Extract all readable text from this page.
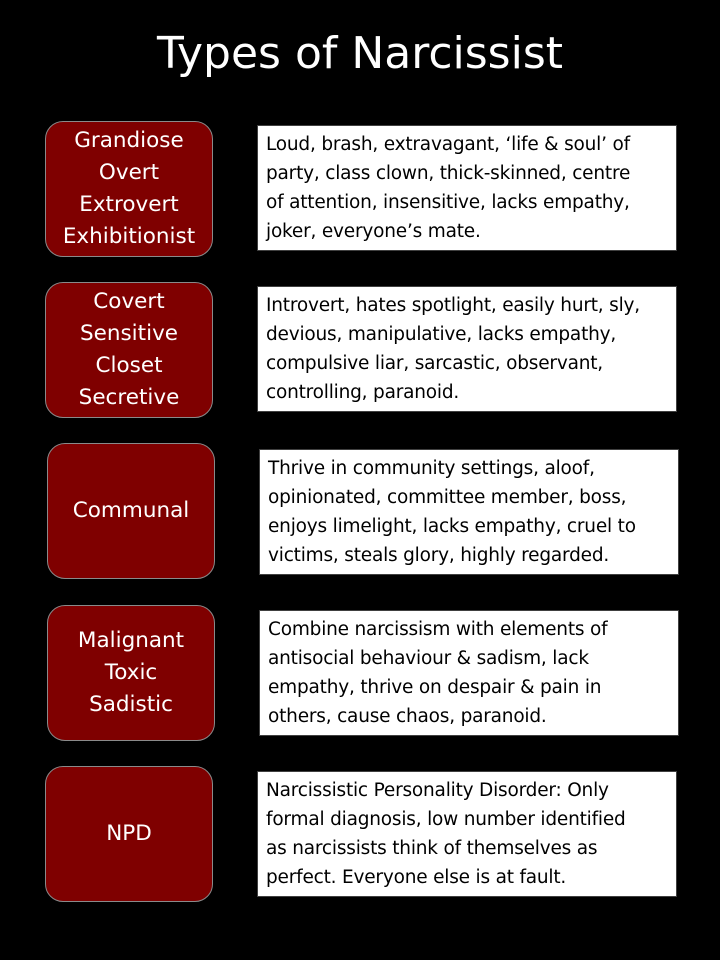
Types of Narcissist
Grandiose
Overt
Extrovert
Exhibitionist
Loud, brash, extravagant, ‘life & soul’ of
party, class clown, thick-skinned, centre
of attention, insensitive, lacks empathy,
joker, everyone’s mate.
Covert
Sensitive
Closet
Secretive
Introvert, hates spotlight, easily hurt, sly,
devious, manipulative, lacks empathy,
compulsive liar, sarcastic, observant,
controlling, paranoid.
Communal
Thrive in community settings, aloof,
opinionated, committee member, boss,
enjoys limelight, lacks empathy, cruel to
victims, steals glory, highly regarded.
Malignant
Toxic
Sadistic
Combine narcissism with elements of
antisocial behaviour & sadism, lack
empathy, thrive on despair & pain in
others, cause chaos, paranoid.
NPD
Narcissistic Personality Disorder: Only
formal diagnosis, low number identified
as narcissists think of themselves as
perfect. Everyone else is at fault.
